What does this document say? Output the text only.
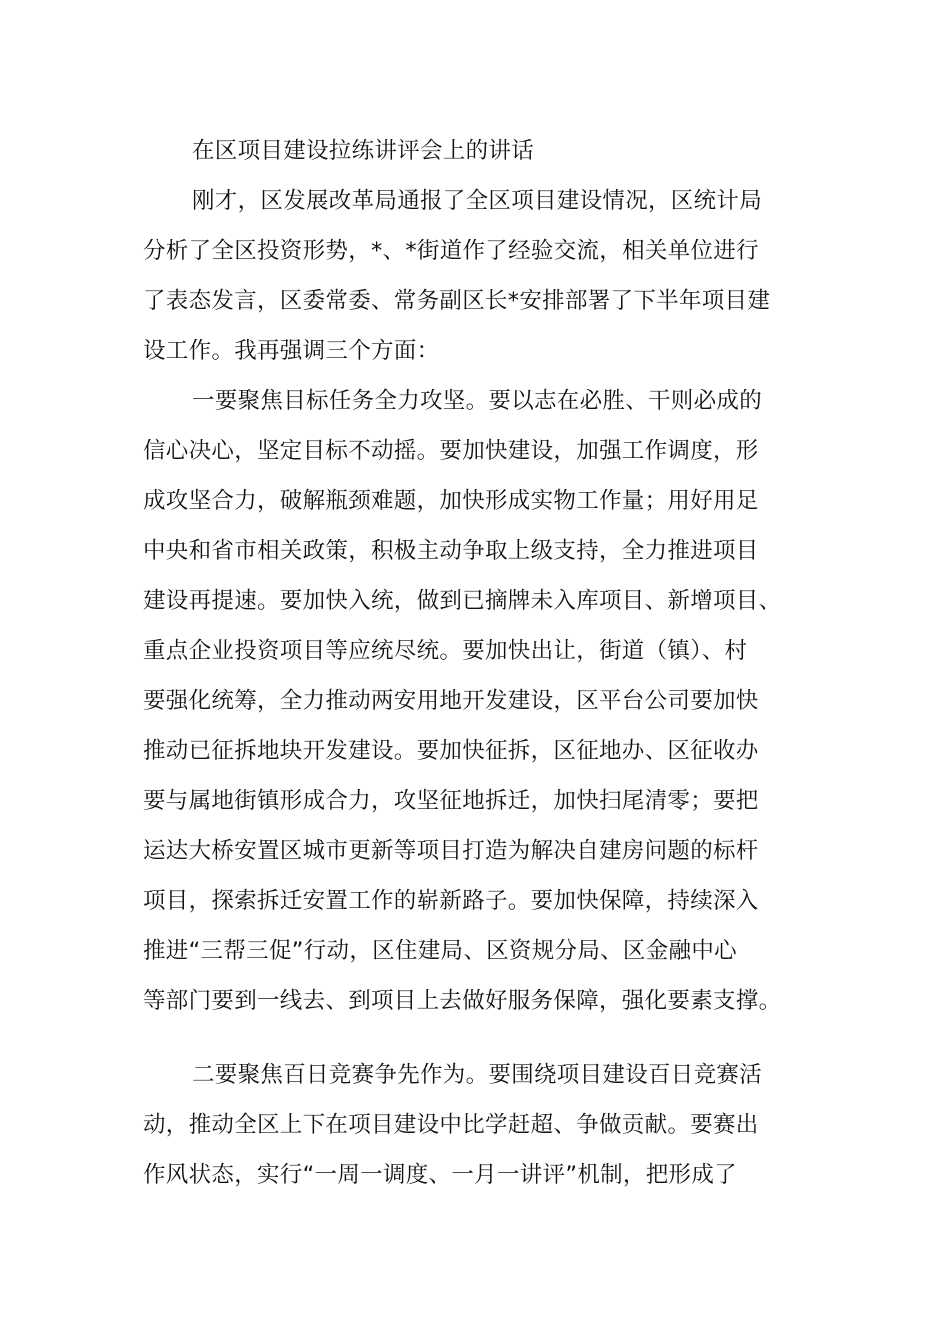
在区项目建设拉练讲评会上的讲话
刚才，区发展改革局通报了全区项目建设情况，区统计局
分析了全区投资形势，*、*街道作了经验交流，相关单位进行
了表态发言，区委常委、常务副区长*安排部署了下半年项目建
设工作。我再强调三个方面：
一要聚焦目标任务全力攻坚。要以志在必胜、干则必成的
信心决心，坚定目标不动摇。要加快建设，加强工作调度，形
成攻坚合力，破解瓶颈难题，加快形成实物工作量；用好用足
中央和省市相关政策，积极主动争取上级支持，全力推进项目
建设再提速。要加快入统，做到已摘牌未入库项目、新增项目、
重点企业投资项目等应统尽统。要加快出让，街道（镇）、村
要强化统筹，全力推动两安用地开发建设，区平台公司要加快
推动已征拆地块开发建设。要加快征拆，区征地办、区征收办
要与属地街镇形成合力，攻坚征地拆迁，加快扫尾清零；要把
运达大桥安置区城市更新等项目打造为解决自建房问题的标杆
项目，探索拆迁安置工作的崭新路子。要加快保障，持续深入
推进“三帮三促”行动，区住建局、区资规分局、区金融中心
等部门要到一线去、到项目上去做好服务保障，强化要素支撑。
二要聚焦百日竞赛争先作为。要围绕项目建设百日竞赛活
动，推动全区上下在项目建设中比学赶超、争做贡献。要赛出
作风状态，实行“一周一调度、一月一讲评”机制，把形成了
